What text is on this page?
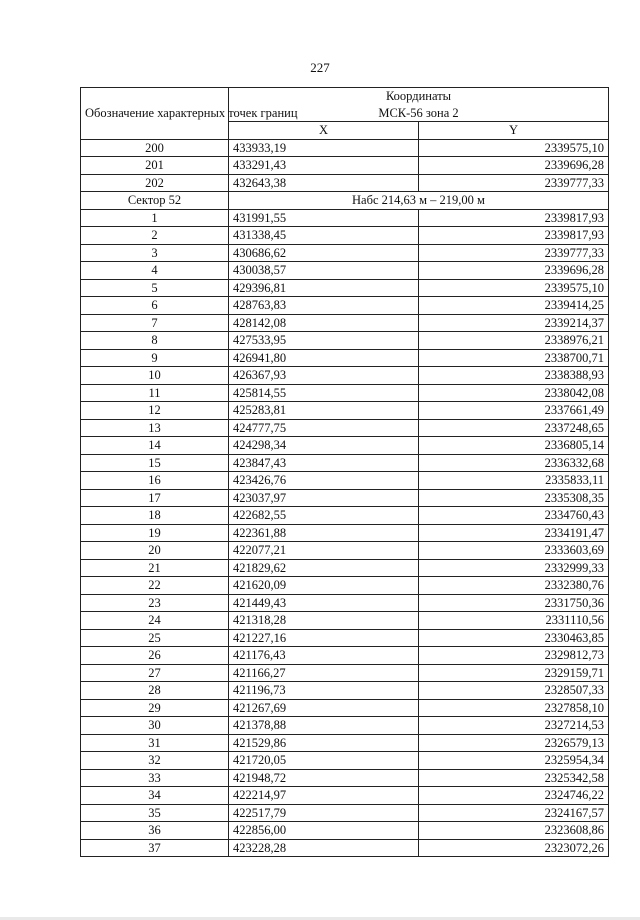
227
Обозначение характерных точек границ	Координаты
МСК-56 зона 2	
	X	Y
200	433933,19	2339575,10
201	433291,43	2339696,28
202	432643,38	2339777,33
Сектор 52	Набс 214,63 м – 219,00 м	
1	431991,55	2339817,93
2	431338,45	2339817,93
3	430686,62	2339777,33
4	430038,57	2339696,28
5	429396,81	2339575,10
6	428763,83	2339414,25
7	428142,08	2339214,37
8	427533,95	2338976,21
9	426941,80	2338700,71
10	426367,93	2338388,93
11	425814,55	2338042,08
12	425283,81	2337661,49
13	424777,75	2337248,65
14	424298,34	2336805,14
15	423847,43	2336332,68
16	423426,76	2335833,11
17	423037,97	2335308,35
18	422682,55	2334760,43
19	422361,88	2334191,47
20	422077,21	2333603,69
21	421829,62	2332999,33
22	421620,09	2332380,76
23	421449,43	2331750,36
24	421318,28	2331110,56
25	421227,16	2330463,85
26	421176,43	2329812,73
27	421166,27	2329159,71
28	421196,73	2328507,33
29	421267,69	2327858,10
30	421378,88	2327214,53
31	421529,86	2326579,13
32	421720,05	2325954,34
33	421948,72	2325342,58
34	422214,97	2324746,22
35	422517,79	2324167,57
36	422856,00	2323608,86
37	423228,28	2323072,26
